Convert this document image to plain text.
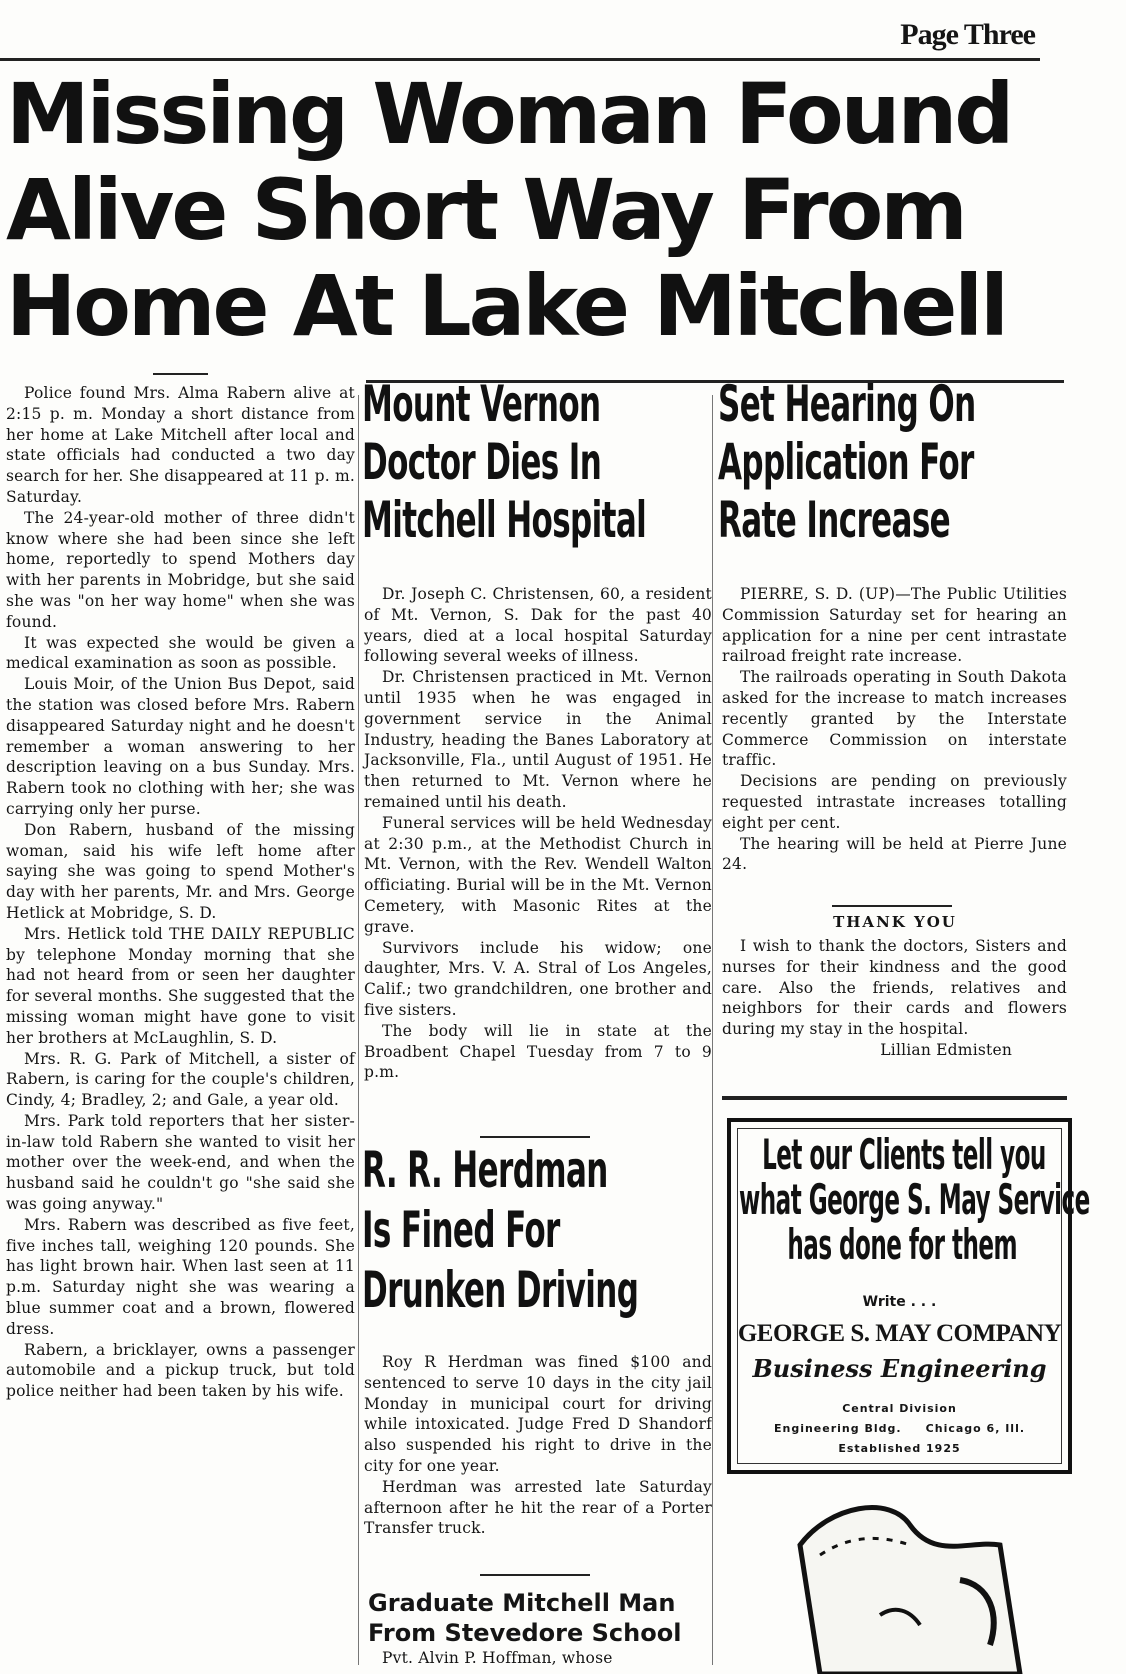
Page Three
Missing Woman Found
Alive Short Way From
Home At Lake Mitchell

Police found Mrs. Alma Rabern alive at 2:15 p. m. Monday a short distance from her home at Lake Mitchell after local and state officials had conducted a two day search for her. She disappeared at 11 p. m. Saturday.

The 24-year-old mother of three didn't know where she had been since she left home, reportedly to spend Mothers day with her parents in Mobridge, but she said she was "on her way home" when she was found.

It was expected she would be given a medical examination as soon as possible.

Louis Moir, of the Union Bus Depot, said the station was closed before Mrs. Rabern disappeared Saturday night and he doesn't remember a woman answering to her description leaving on a bus Sunday. Mrs. Rabern took no clothing with her; she was carrying only her purse.

Don Rabern, husband of the missing woman, said his wife left home after saying she was going to spend Mother's day with her parents, Mr. and Mrs. George Hetlick at Mobridge, S. D.

Mrs. Hetlick told THE DAILY REPUBLIC by telephone Monday morning that she had not heard from or seen her daughter for several months. She suggested that the missing woman might have gone to visit her brothers at McLaughlin, S. D.

Mrs. R. G. Park of Mitchell, a sister of Rabern, is caring for the couple's children, Cindy, 4; Bradley, 2; and Gale, a year old.

Mrs. Park told reporters that her sister-in-law told Rabern she wanted to visit her mother over the week-end, and when the husband said he couldn't go "she said she was going anyway."

Mrs. Rabern was described as five feet, five inches tall, weighing 120 pounds. She has light brown hair. When last seen at 11 p.m. Saturday night she was wearing a blue summer coat and a brown, flowered dress.

Rabern, a bricklayer, owns a passenger automobile and a pickup truck, but told police neither had been taken by his wife.

Mount Vernon
Doctor Dies In
Mitchell Hospital

Dr. Joseph C. Christensen, 60, a resident of Mt. Vernon, S. Dak for the past 40 years, died at a local hospital Saturday following several weeks of illness.

Dr. Christensen practiced in Mt. Vernon until 1935 when he was engaged in government service in the Animal Industry, heading the Banes Laboratory at Jacksonville, Fla., until August of 1951. He then returned to Mt. Vernon where he remained until his death.

Funeral services will be held Wednesday at 2:30 p.m., at the Methodist Church in Mt. Vernon, with the Rev. Wendell Walton officiating. Burial will be in the Mt. Vernon Cemetery, with Masonic Rites at the grave.

Survivors include his widow; one daughter, Mrs. V. A. Stral of Los Angeles, Calif.; two grandchildren, one brother and five sisters.

The body will lie in state at the Broadbent Chapel Tuesday from 7 to 9 p.m.

R. R. Herdman
Is Fined For
Drunken Driving

Roy R Herdman was fined $100 and sentenced to serve 10 days in the city jail Monday in municipal court for driving while intoxicated. Judge Fred D Shandorf also suspended his right to drive in the city for one year.

Herdman was arrested late Saturday afternoon after he hit the rear of a Porter Transfer truck.

Graduate Mitchell Man
From Stevedore School

Pvt. Alvin P. Hoffman, whose

Set Hearing On
Application For
Rate Increase

PIERRE, S. D. (UP)—The Public Utilities Commission Saturday set for hearing an application for a nine per cent intrastate railroad freight rate increase.

The railroads operating in South Dakota asked for the increase to match increases recently granted by the Interstate Commerce Commission on interstate traffic.

Decisions are pending on previously requested intrastate increases totalling eight per cent.

The hearing will be held at Pierre June 24.

THANK YOU

I wish to thank the doctors, Sisters and nurses for their kindness and the good care. Also the friends, relatives and neighbors for their cards and flowers during my stay in the hospital.

Lillian Edmisten
Let our Clients tell you
what George S. May Service
has done for them
Write . . .
GEORGE S. MAY COMPANY
Business Engineering
Central Division
Engineering Bldg.     Chicago 6, Ill.
Established 1925
